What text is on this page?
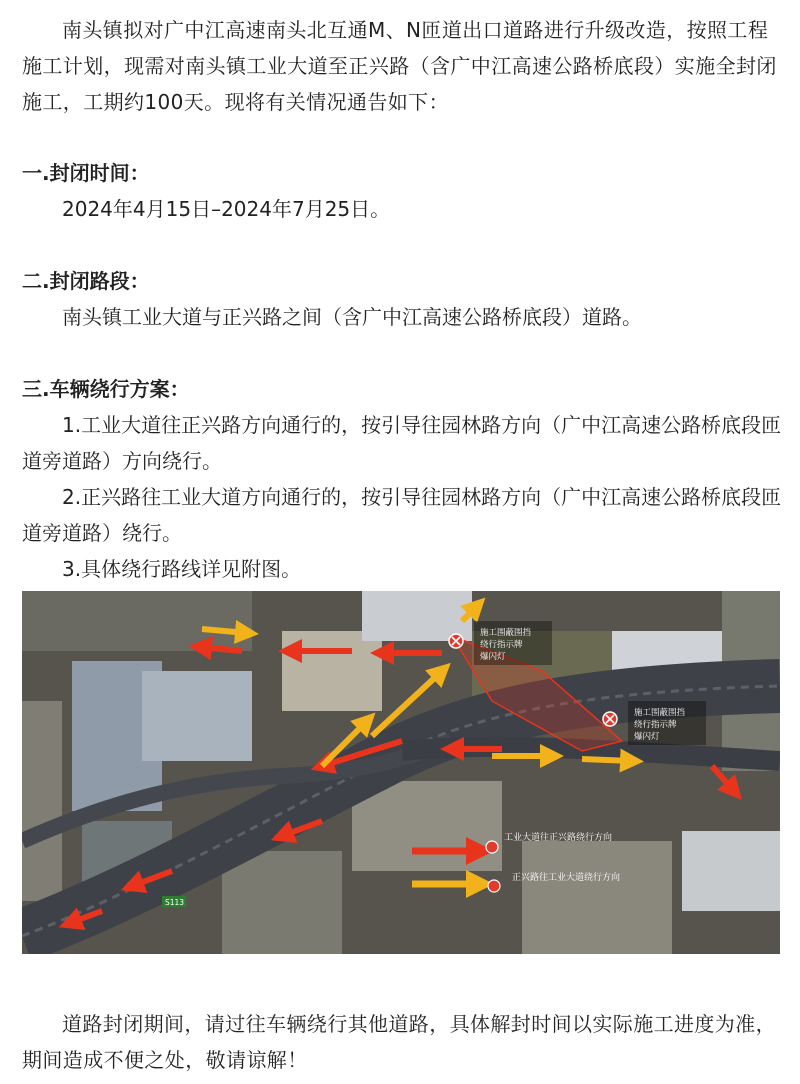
南头镇拟对广中江高速南头北互通M、N匝道出口道路进行升级改造，按照工程施工计划，现需对南头镇工业大道至正兴路（含广中江高速公路桥底段）实施全封闭施工，工期约100天。现将有关情况通告如下：

一.封闭时间：

2024年4月15日–2024年7月25日。

二.封闭路段：

南头镇工业大道与正兴路之间（含广中江高速公路桥底段）道路。

三.车辆绕行方案：

1.工业大道往正兴路方向通行的，按引导往园林路方向（广中江高速公路桥底段匝道旁道路）方向绕行。

2.正兴路往工业大道方向通行的，按引导往园林路方向（广中江高速公路桥底段匝道旁道路）绕行。

3.具体绕行路线详见附图。

施工围蔽围挡
绕行指示牌
爆闪灯
施工围蔽围挡
绕行指示牌
爆闪灯
工业大道往正兴路绕行方向
正兴路往工业大道绕行方向
S113

道路封闭期间，请过往车辆绕行其他道路，具体解封时间以实际施工进度为准，期间造成不便之处，敬请谅解！
